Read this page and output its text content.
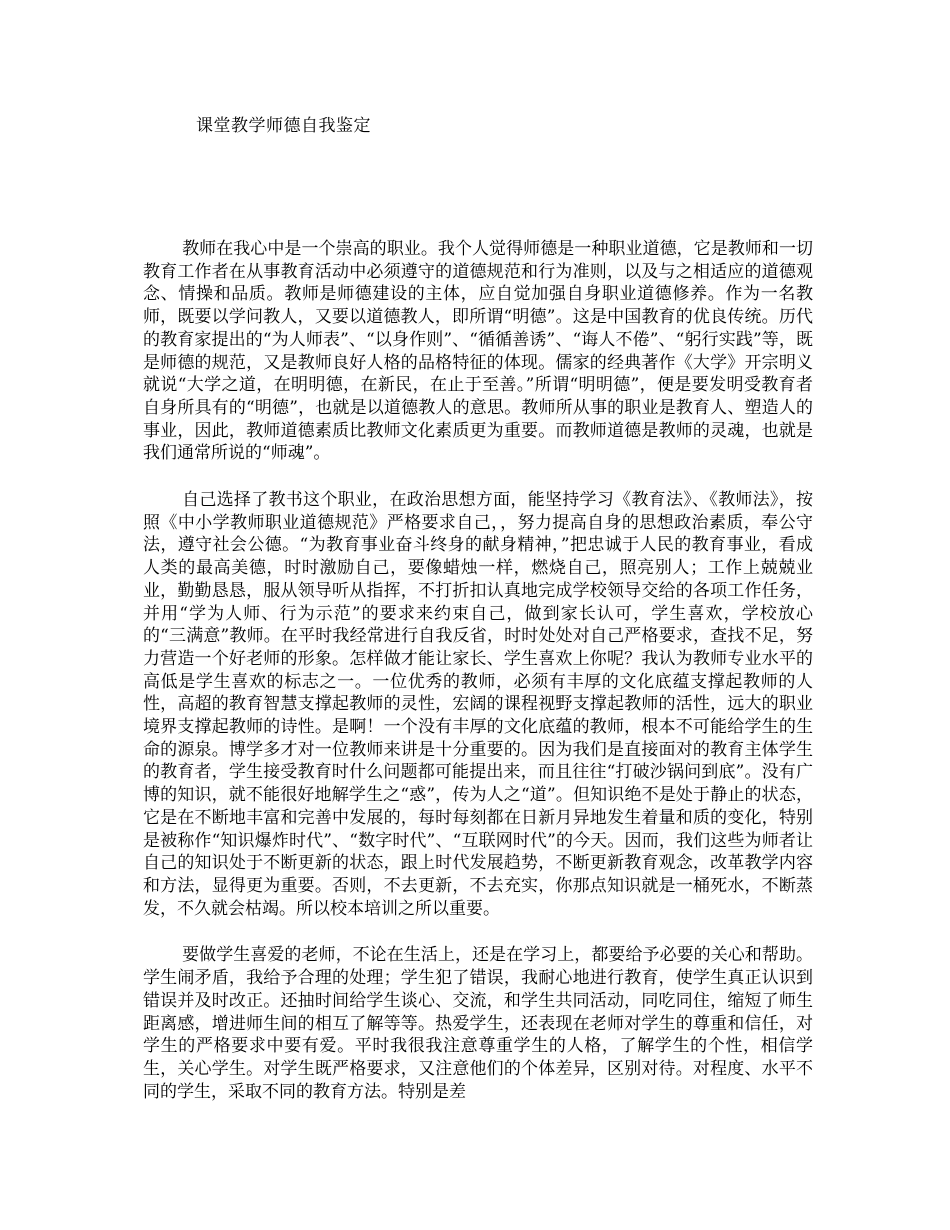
课堂教学师德自我鉴定

教师在我心中是一个崇高的职业。我个人觉得师德是一种职业道德，它是教师和一切教育工作者在从事教育活动中必须遵守的道德规范和行为准则，以及与之相适应的道德观念、情操和品质。教师是师德建设的主体，应自觉加强自身职业道德修养。作为一名教师，既要以学问教人，又要以道德教人，即所谓“明德”。这是中国教育的优良传统。历代的教育家提出的“为人师表”、“以身作则”、“循循善诱”、“诲人不倦”、“躬行实践”等，既是师德的规范，又是教师良好人格的品格特征的体现。儒家的经典著作《大学》开宗明义就说“大学之道，在明明德，在新民，在止于至善。”所谓“明明德”，便是要发明受教育者自身所具有的“明德”，也就是以道德教人的意思。教师所从事的职业是教育人、塑造人的事业，因此，教师道德素质比教师文化素质更为重要。而教师道德是教师的灵魂，也就是我们通常所说的“师魂”。

自己选择了教书这个职业，在政治思想方面，能坚持学习《教育法》、《教师法》，按照《中小学教师职业道德规范》严格要求自己，，努力提高自身的思想政治素质，奉公守法，遵守社会公德。“为教育事业奋斗终身的献身精神，”把忠诚于人民的教育事业，看成人类的最高美德，时时激励自己，要像蜡烛一样，燃烧自己，照亮别人；工作上兢兢业业，勤勤恳恳，服从领导听从指挥，不打折扣认真地完成学校领导交给的各项工作任务，并用“学为人师、行为示范”的要求来约束自己，做到家长认可，学生喜欢，学校放心的“三满意”教师。在平时我经常进行自我反省，时时处处对自己严格要求，查找不足，努力营造一个好老师的形象。怎样做才能让家长、学生喜欢上你呢？我认为教师专业水平的高低是学生喜欢的标志之一。一位优秀的教师，必须有丰厚的文化底蕴支撑起教师的人性，高超的教育智慧支撑起教师的灵性，宏阔的课程视野支撑起教师的活性，远大的职业境界支撑起教师的诗性。是啊！一个没有丰厚的文化底蕴的教师，根本不可能给学生的生命的源泉。博学多才对一位教师来讲是十分重要的。因为我们是直接面对的教育主体学生的教育者，学生接受教育时什么问题都可能提出来，而且往往“打破沙锅问到底”。没有广博的知识，就不能很好地解学生之“惑”，传为人之“道”。但知识绝不是处于静止的状态，它是在不断地丰富和完善中发展的，每时每刻都在日新月异地发生着量和质的变化，特别是被称作“知识爆炸时代”、“数字时代”、“互联网时代”的今天。因而，我们这些为师者让自己的知识处于不断更新的状态，跟上时代发展趋势，不断更新教育观念，改革教学内容和方法，显得更为重要。否则，不去更新，不去充实，你那点知识就是一桶死水，不断蒸发，不久就会枯竭。所以校本培训之所以重要。

要做学生喜爱的老师，不论在生活上，还是在学习上，都要给予必要的关心和帮助。学生闹矛盾，我给予合理的处理；学生犯了错误，我耐心地进行教育，使学生真正认识到错误并及时改正。还抽时间给学生谈心、交流，和学生共同活动，同吃同住，缩短了师生距离感，增进师生间的相互了解等等。热爱学生，还表现在老师对学生的尊重和信任，对学生的严格要求中要有爱。平时我很我注意尊重学生的人格，了解学生的个性，相信学生，关心学生。对学生既严格要求，又注意他们的个体差异，区别对待。对程度、水平不同的学生，采取不同的教育方法。特别是差
